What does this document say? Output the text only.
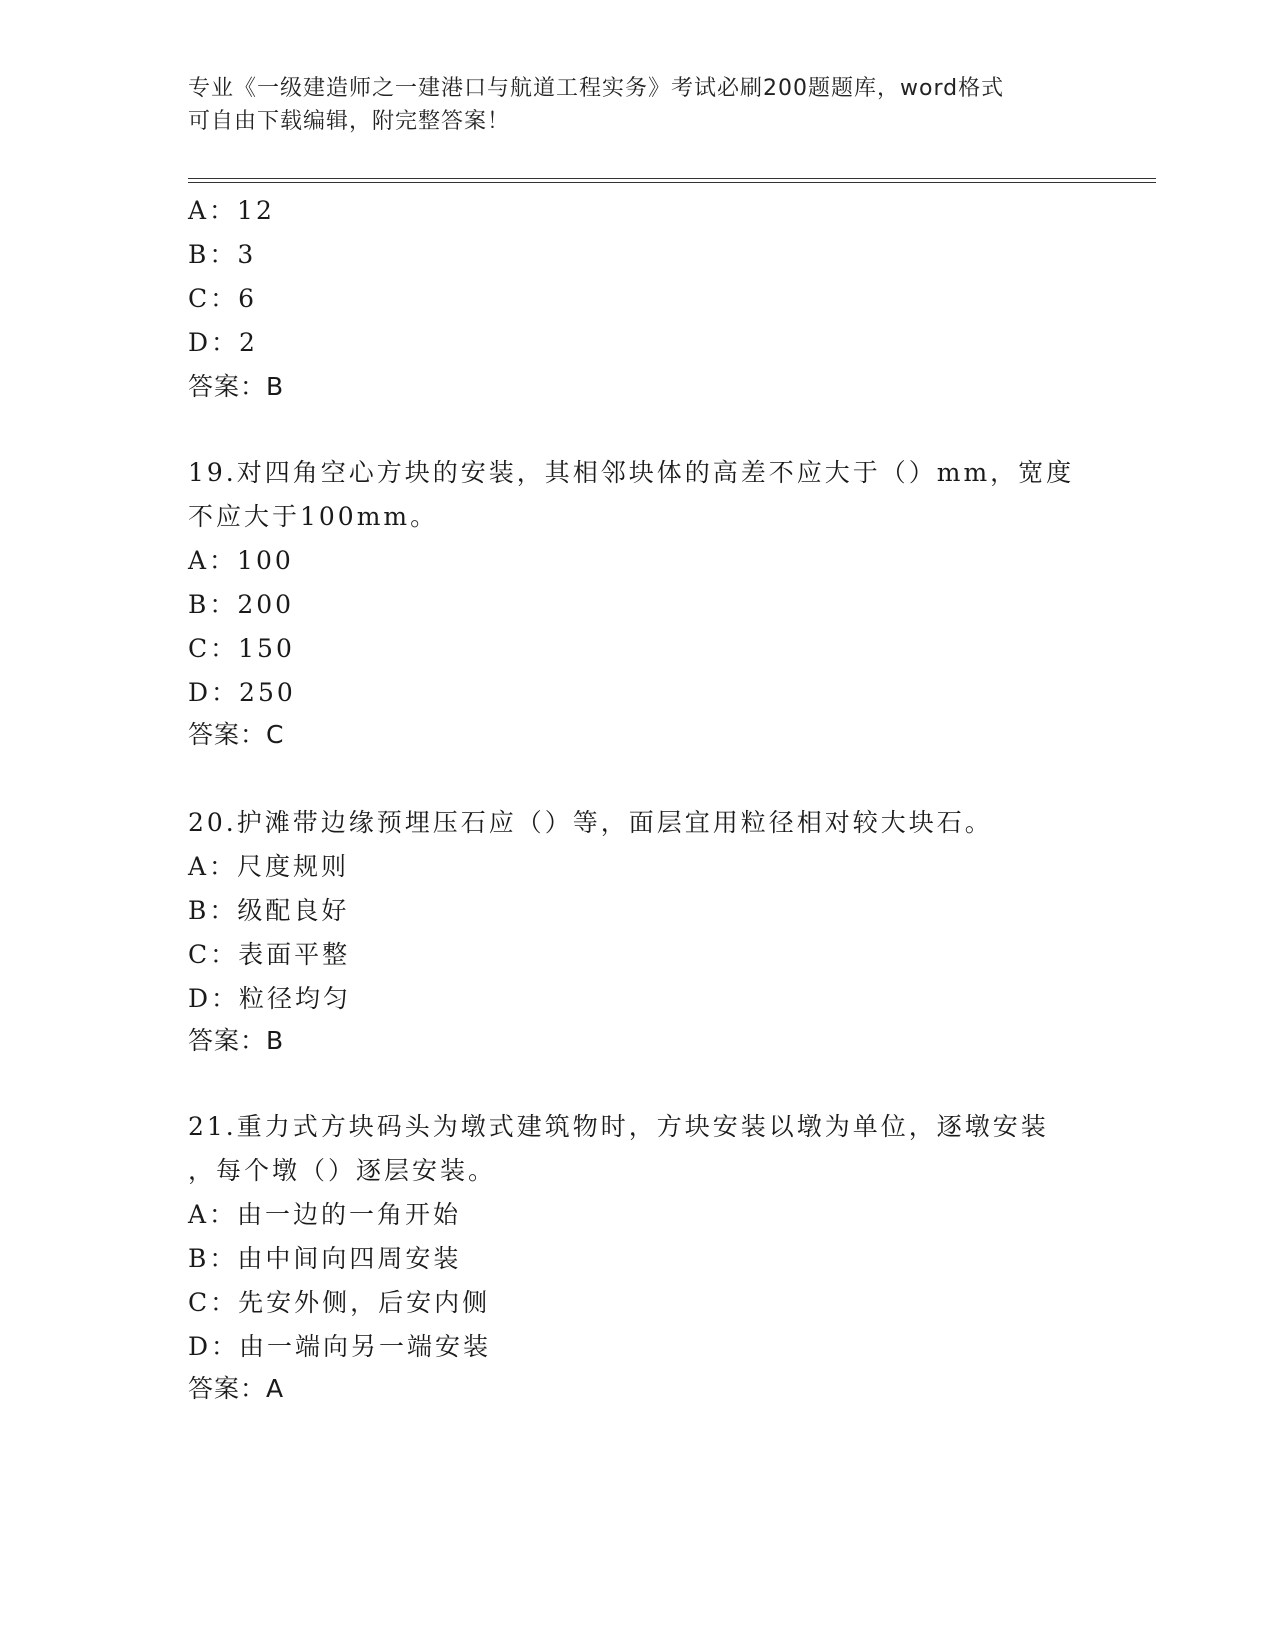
专业《一级建造师之一建港口与航道工程实务》考试必刷200题题库，word格式
可自由下载编辑，附完整答案！
A：12
B：3
C：6
D：2
答案：B
19.对四角空心方块的安装，其相邻块体的高差不应大于（）mm，宽度
不应大于100mm。
A：100
B：200
C：150
D：250
答案：C
20.护滩带边缘预埋压石应（）等，面层宜用粒径相对较大块石。
A：尺度规则
B：级配良好
C：表面平整
D：粒径均匀
答案：B
21.重力式方块码头为墩式建筑物时，方块安装以墩为单位，逐墩安装
，每个墩（）逐层安装。
A：由一边的一角开始
B：由中间向四周安装
C：先安外侧，后安内侧
D：由一端向另一端安装
答案：A
